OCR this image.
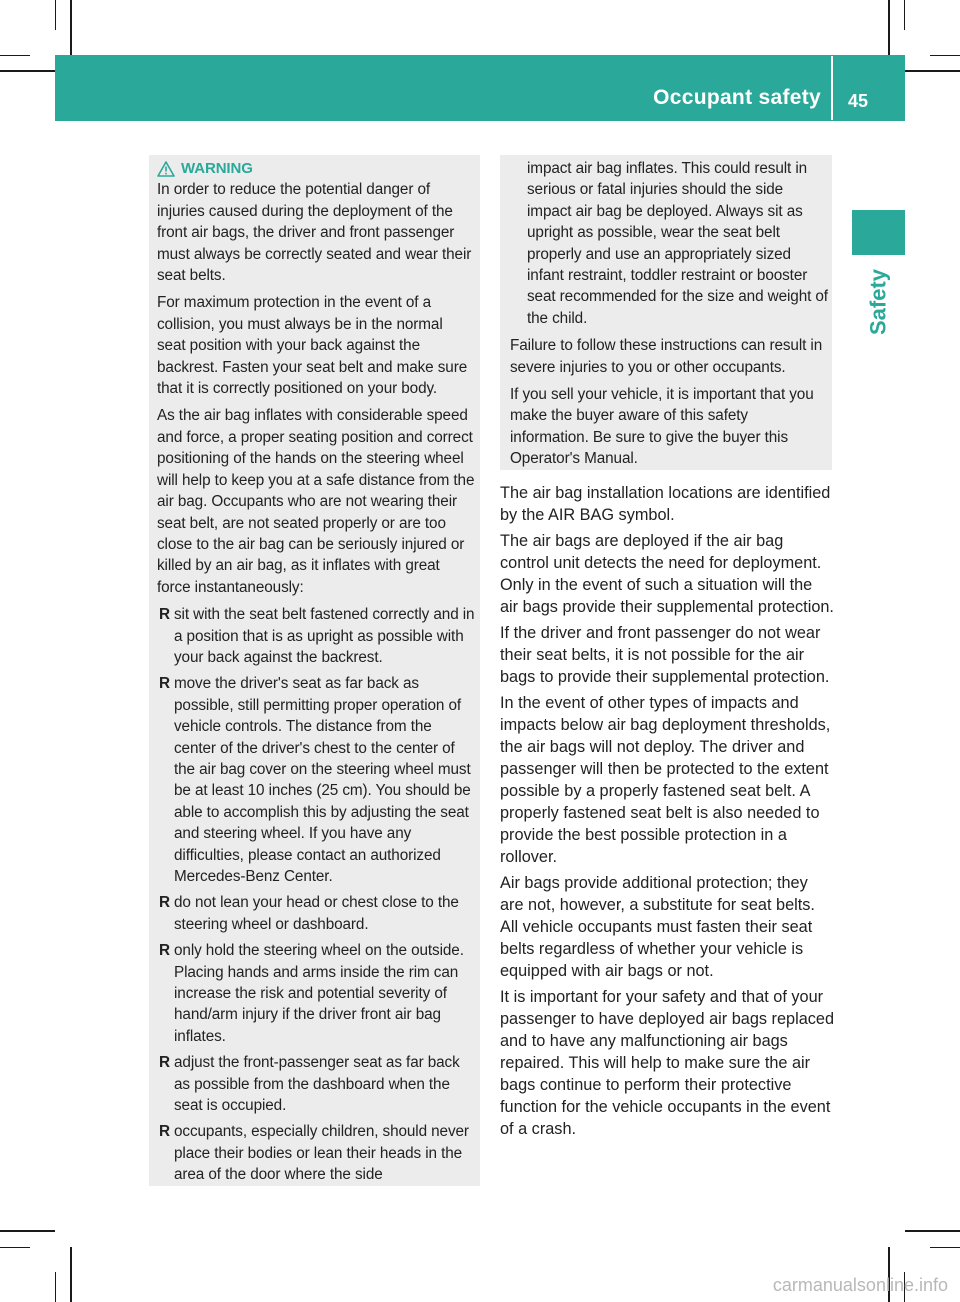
Occupant safety 45
Safety
WARNING

In order to reduce the potential danger of injuries caused during the deployment of the front air bags, the driver and front passenger must always be correctly seated and wear their seat belts.

For maximum protection in the event of a collision, you must always be in the normal seat position with your back against the backrest. Fasten your seat belt and make sure that it is correctly positioned on your body.

As the air bag inflates with considerable speed and force, a proper seating position and correct positioning of the hands on the steering wheel will help to keep you at a safe distance from the air bag. Occupants who are not wearing their seat belt, are not seated properly or are too close to the air bag can be seriously injured or killed by an air bag, as it inflates with great force instantaneously:

R sit with the seat belt fastened correctly and in a position that is as upright as possible with your back against the backrest.
R move the driver's seat as far back as possible, still permitting proper operation of vehicle controls. The distance from the center of the driver's chest to the center of the air bag cover on the steering wheel must be at least 10 inches (25 cm). You should be able to accomplish this by adjusting the seat and steering wheel. If you have any difficulties, please contact an authorized Mercedes-Benz Center.
R do not lean your head or chest close to the steering wheel or dashboard.
R only hold the steering wheel on the outside. Placing hands and arms inside the rim can increase the risk and potential severity of hand/arm injury if the driver front air bag inflates.
R adjust the front-passenger seat as far back as possible from the dashboard when the seat is occupied.
R occupants, especially children, should never place their bodies or lean their heads in the area of the door where the side
impact air bag inflates. This could result in serious or fatal injuries should the side impact air bag be deployed. Always sit as upright as possible, wear the seat belt properly and use an appropriately sized infant restraint, toddler restraint or booster seat recommended for the size and weight of the child.

Failure to follow these instructions can result in severe injuries to you or other occupants.

If you sell your vehicle, it is important that you make the buyer aware of this safety information. Be sure to give the buyer this Operator's Manual.

The air bag installation locations are identified by the AIR BAG symbol.

The air bags are deployed if the air bag control unit detects the need for deployment. Only in the event of such a situation will the air bags provide their supplemental protection.

If the driver and front passenger do not wear their seat belts, it is not possible for the air bags to provide their supplemental protection.

In the event of other types of impacts and impacts below air bag deployment thresholds, the air bags will not deploy. The driver and passenger will then be protected to the extent possible by a properly fastened seat belt. A properly fastened seat belt is also needed to provide the best possible protection in a rollover.

Air bags provide additional protection; they are not, however, a substitute for seat belts. All vehicle occupants must fasten their seat belts regardless of whether your vehicle is equipped with air bags or not.

It is important for your safety and that of your passenger to have deployed air bags replaced and to have any malfunctioning air bags repaired. This will help to make sure the air bags continue to perform their protective function for the vehicle occupants in the event of a crash.

carmanualsonline.info
